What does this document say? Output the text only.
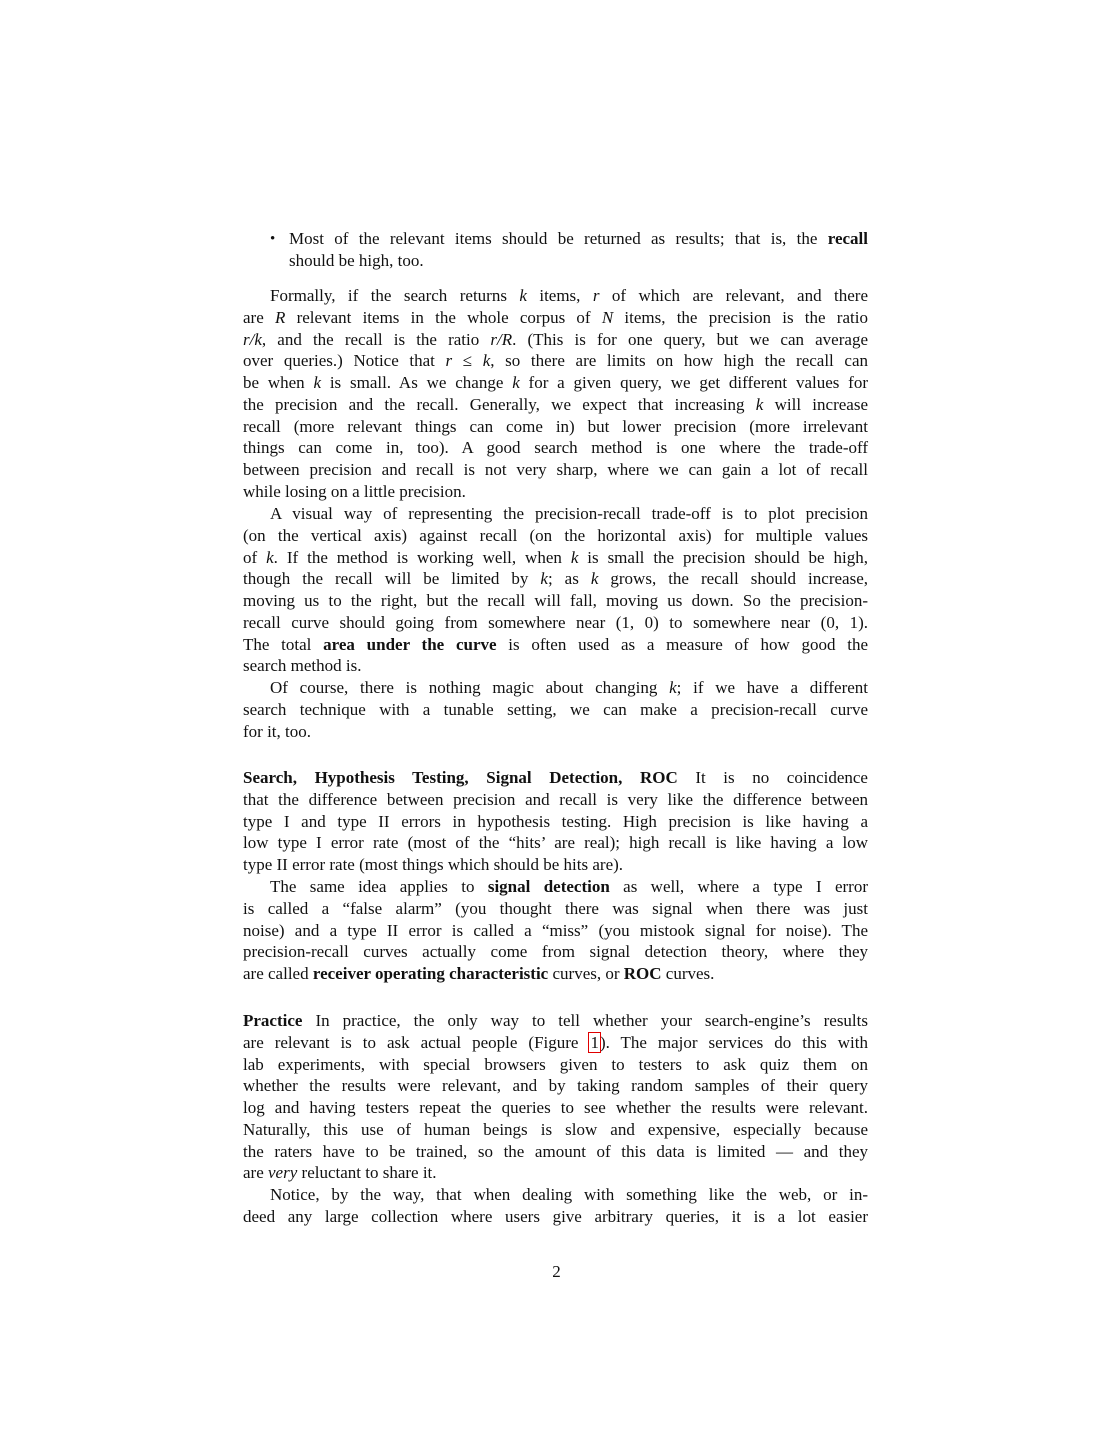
• Most of the relevant items should be returned as results; that is, the recall
should be high, too.
Formally, if the search returns k items, r of which are relevant, and there
are R relevant items in the whole corpus of N items, the precision is the ratio
r/k, and the recall is the ratio r/R. (This is for one query, but we can average
over queries.) Notice that r ≤ k, so there are limits on how high the recall can
be when k is small. As we change k for a given query, we get different values for
the precision and the recall. Generally, we expect that increasing k will increase
recall (more relevant things can come in) but lower precision (more irrelevant
things can come in, too). A good search method is one where the trade-off
between precision and recall is not very sharp, where we can gain a lot of recall
while losing on a little precision.
A visual way of representing the precision-recall trade-off is to plot precision
(on the vertical axis) against recall (on the horizontal axis) for multiple values
of k. If the method is working well, when k is small the precision should be high,
though the recall will be limited by k; as k grows, the recall should increase,
moving us to the right, but the recall will fall, moving us down. So the precision-
recall curve should going from somewhere near (1, 0) to somewhere near (0, 1).
The total area under the curve is often used as a measure of how good the
search method is.
Of course, there is nothing magic about changing k; if we have a different
search technique with a tunable setting, we can make a precision-recall curve
for it, too.
Search, Hypothesis Testing, Signal Detection, ROC It is no coincidence
that the difference between precision and recall is very like the difference between
type I and type II errors in hypothesis testing. High precision is like having a
low type I error rate (most of the “hits’ are real); high recall is like having a low
type II error rate (most things which should be hits are).
The same idea applies to signal detection as well, where a type I error
is called a “false alarm” (you thought there was signal when there was just
noise) and a type II error is called a “miss” (you mistook signal for noise). The
precision-recall curves actually come from signal detection theory, where they
are called receiver operating characteristic curves, or ROC curves.
Practice In practice, the only way to tell whether your search-engine’s results
are relevant is to ask actual people (Figure 1). The major services do this with
lab experiments, with special browsers given to testers to ask quiz them on
whether the results were relevant, and by taking random samples of their query
log and having testers repeat the queries to see whether the results were relevant.
Naturally, this use of human beings is slow and expensive, especially because
the raters have to be trained, so the amount of this data is limited — and they
are very reluctant to share it.
Notice, by the way, that when dealing with something like the web, or in-
deed any large collection where users give arbitrary queries, it is a lot easier
2
